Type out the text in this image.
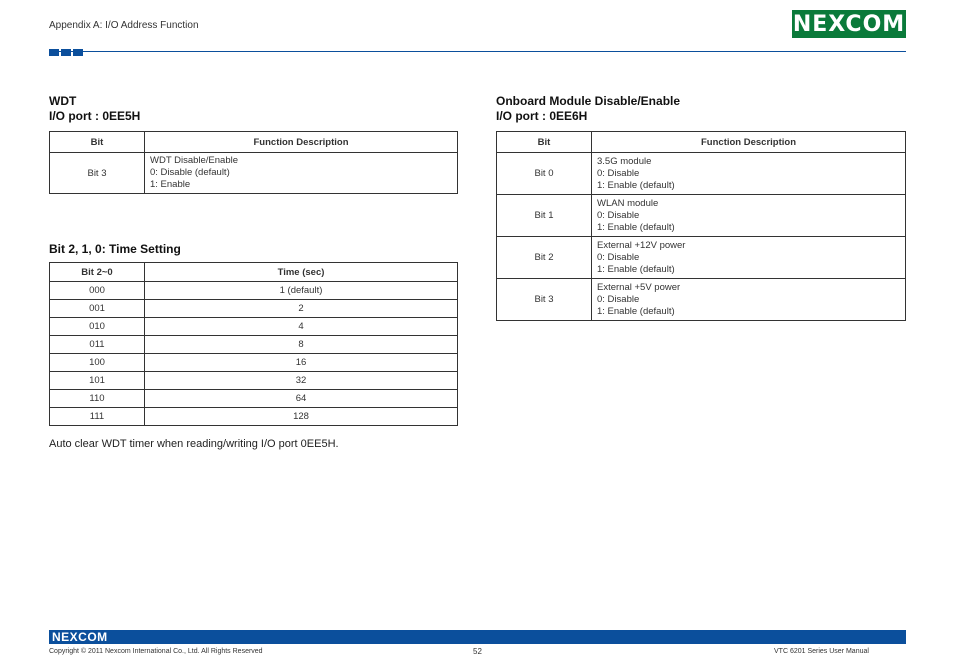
Appendix A: I/O Address Function	NEXCOM
WDT
I/O port : 0EE5H
Bit	Function Description
Bit 3	WDT Disable/Enable
0: Disable (default)
1: Enable
Bit 2, 1, 0: Time Setting
Bit 2~0	Time (sec)
000	1 (default)
001	2
010	4
011	8
100	16
101	32
110	64
111	128
Auto clear WDT timer when reading/writing I/O port 0EE5H.
Onboard Module Disable/Enable
I/O port : 0EE6H
Bit	Function Description
Bit 0	3.5G module
0: Disable
1: Enable (default)

Bit 1	WLAN module
0: Disable
1: Enable (default)

Bit 2	External +12V power
0: Disable
1: Enable (default)

Bit 3	External +5V power
0: Disable
1: Enable (default)
NEXCOM
Copyright © 2011 Nexcom International Co., Ltd. All Rights Reserved	52	VTC 6201 Series User Manual
